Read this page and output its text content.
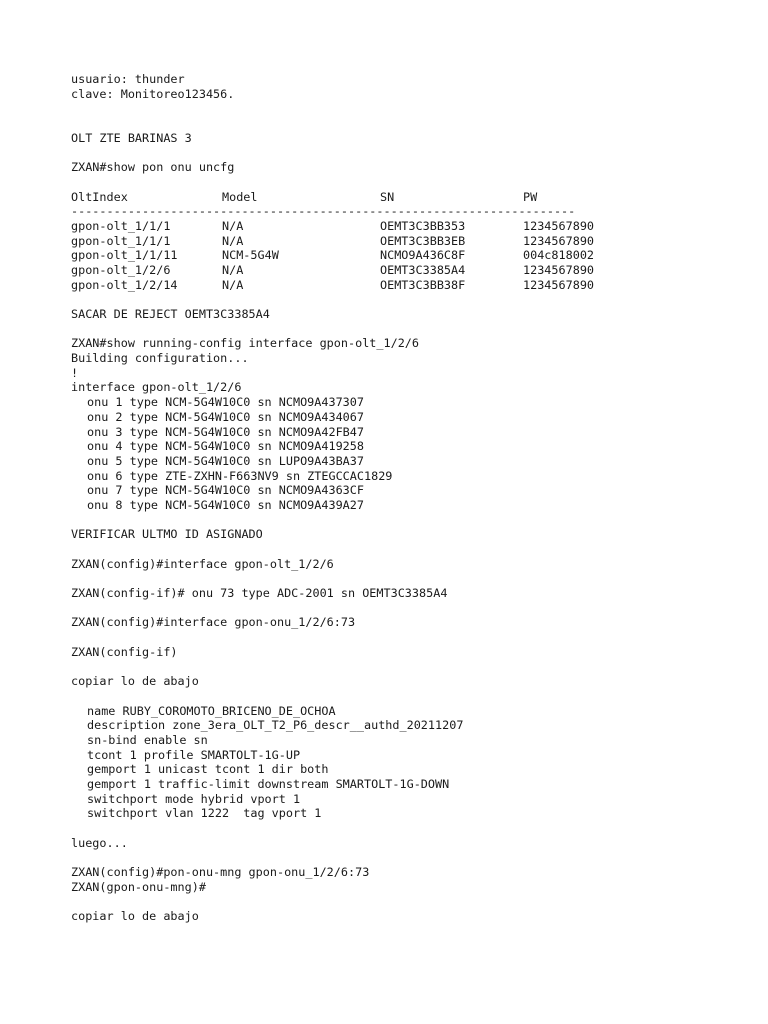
usuario: thunder
clave: Monitoreo123456.
OLT ZTE BARINAS 3
ZXAN#show pon onu uncfg
OltIndex	Model	SN	PW
-----------------------------------------------------------------------
gpon-olt_1/1/1	N/A	OEMT3C3BB353	1234567890
gpon-olt_1/1/1	N/A	OEMT3C3BB3EB	1234567890
gpon-olt_1/1/11	NCM-5G4W	NCMO9A436C8F	004c818002
gpon-olt_1/2/6	N/A	OEMT3C3385A4	1234567890
gpon-olt_1/2/14	N/A	OEMT3C3BB38F	1234567890
SACAR DE REJECT OEMT3C3385A4
ZXAN#show running-config interface gpon-olt_1/2/6
Building configuration...
!
interface gpon-olt_1/2/6
onu 1 type NCM-5G4W10C0 sn NCMO9A437307
onu 2 type NCM-5G4W10C0 sn NCMO9A434067
onu 3 type NCM-5G4W10C0 sn NCMO9A42FB47
onu 4 type NCM-5G4W10C0 sn NCMO9A419258
onu 5 type NCM-5G4W10C0 sn LUPO9A43BA37
onu 6 type ZTE-ZXHN-F663NV9 sn ZTEGCCAC1829
onu 7 type NCM-5G4W10C0 sn NCMO9A4363CF
onu 8 type NCM-5G4W10C0 sn NCMO9A439A27
VERIFICAR ULTMO ID ASIGNADO
ZXAN(config)#interface gpon-olt_1/2/6
ZXAN(config-if)# onu 73 type ADC-2001 sn OEMT3C3385A4
ZXAN(config)#interface gpon-onu_1/2/6:73
ZXAN(config-if)
copiar lo de abajo
name RUBY_COROMOTO_BRICENO_DE_OCHOA
description zone_3era_OLT_T2_P6_descr__authd_20211207
sn-bind enable sn
tcont 1 profile SMARTOLT-1G-UP
gemport 1 unicast tcont 1 dir both
gemport 1 traffic-limit downstream SMARTOLT-1G-DOWN
switchport mode hybrid vport 1
switchport vlan 1222  tag vport 1
luego...
ZXAN(config)#pon-onu-mng gpon-onu_1/2/6:73
ZXAN(gpon-onu-mng)#
copiar lo de abajo
